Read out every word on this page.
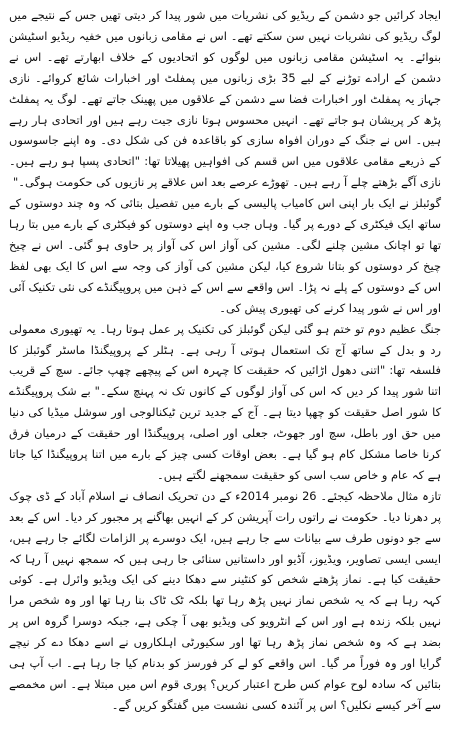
ایجاد کرائیں جو دشمن کے ریڈیو کی نشریات میں شور پیدا کر دیتی تھیں جس کے نتیجے میں لوگ ریڈیو کی نشریات نہیں سن سکتے تھے۔ اس نے مقامی زبانوں میں خفیہ ریڈیو اسٹیشن بنوائے۔ یہ اسٹیشن مقامی زبانوں میں لوگوں کو اتحادیوں کے خلاف ابھارتے تھے۔ اس نے دشمن کے ارادے توڑنے کے لیے 35 بڑی زبانوں میں پمفلٹ اور اخبارات شائع کروائے۔ نازی جہاز یہ پمفلٹ اور اخبارات فضا سے دشمن کے علاقوں میں پھینک جاتے تھے۔ لوگ یہ پمفلٹ پڑھ کر پریشان ہو جاتے تھے۔ انہیں محسوس ہوتا نازی جیت رہے ہیں اور اتحادی ہار رہے ہیں۔ اس نے جنگ کے دوران افواہ سازی کو باقاعدہ فن کی شکل دی۔ وہ اپنے جاسوسوں کے ذریعے مقامی علاقوں میں اس قسم کی افواہیں پھیلاتا تھا: "اتحادی پسپا ہو رہے ہیں۔ نازی آگے بڑھتے چلے آ رہے ہیں۔ تھوڑے عرصے بعد اس علاقے پر نازیوں کی حکومت ہوگی۔"

گوئبلز نے ایک بار اپنی اس کامیاب پالیسی کے بارے میں تفصیل بتائی کہ وہ چند دوستوں کے ساتھ ایک فیکٹری کے دورے پر گیا۔ وہاں جب وہ اپنے دوستوں کو فیکٹری کے بارے میں بتا رہا تھا تو اچانک مشین چلنے لگی۔ مشین کی آواز اس کی آواز پر حاوی ہو گئی۔ اس نے چیخ چیخ کر دوستوں کو بتانا شروع کیا، لیکن مشین کی آواز کی وجہ سے اس کا ایک بھی لفظ اس کے دوستوں کے پلے نہ پڑا۔ اس واقعے سے اس کے ذہن میں پروپیگنڈے کی نئی تکنیک آئی اور اس نے شور پیدا کرنے کی تھیوری پیش کی۔

جنگ عظیم دوم تو ختم ہو گئی لیکن گوئبلز کی تکنیک پر عمل ہوتا رہا۔ یہ تھیوری معمولی رد و بدل کے ساتھ آج تک استعمال ہوتی آ رہی ہے۔ ہٹلر کے پروپیگنڈا ماسٹر گوئبلز کا فلسفہ تھا: "اتنی دھول اڑائیں کہ حقیقت کا چہرہ اس کے پیچھے چھپ جائے۔ سچ کے قریب اتنا شور پیدا کر دیں کہ اس کی آواز لوگوں کے کانوں تک نہ پہنچ سکے۔" بے شک پروپیگنڈے کا شور اصل حقیقت کو چھپا دیتا ہے۔ آج کے جدید ترین ٹیکنالوجی اور سوشل میڈیا کی دنیا میں حق اور باطل، سچ اور جھوٹ، جعلی اور اصلی، پروپیگنڈا اور حقیقت کے درمیان فرق کرنا خاصا مشکل کام ہو گیا ہے۔ بعض اوقات کسی چیز کے بارے میں اتنا پروپیگنڈا کیا جاتا ہے کہ عام و خاص سب اسی کو حقیقت سمجھنے لگتے ہیں۔

تازہ مثال ملاحظہ کیجئے۔ 26 نومبر 2014ء کے دن تحریک انصاف نے اسلام آباد کے ڈی چوک پر دھرنا دیا۔ حکومت نے راتوں رات آپریشن کر کے انہیں بھاگنے پر مجبور کر دیا۔ اس کے بعد سے جو دونوں طرف سے بیانات سے جا رہے ہیں، ایک دوسرے پر الزامات لگائے جا رہے ہیں، ایسی ایسی تصاویر، ویڈیوز، آڈیو اور داستانیں سنائی جا رہی ہیں کہ سمجھ نہیں آ رہا کہ حقیقت کیا ہے۔ نماز پڑھتے شخص کو کنٹینر سے دھکا دینے کی ایک ویڈیو وائرل ہے۔ کوئی کہہ رہا ہے کہ یہ شخص نماز نہیں پڑھ رہا تھا بلکہ ٹک ٹاک بنا رہا تھا اور وہ شخص مرا نہیں بلکہ زندہ ہے اور اس کے انٹرویو کی ویڈیو بھی آ چکی ہے، جبکہ دوسرا گروہ اس پر بضد ہے کہ وہ شخص نماز پڑھ رہا تھا اور سکیورٹی اہلکاروں نے اسے دھکا دے کر نیچے گرایا اور وہ فوراً مر گیا۔ اس واقعے کو لے کر فورسز کو بدنام کیا جا رہا ہے۔ اب آپ ہی بتائیں کہ سادہ لوح عوام کس طرح اعتبار کریں؟ پوری قوم اس میں مبتلا ہے۔ اس مخمصے سے آخر کیسے نکلیں؟ اس پر آئندہ کسی نشست میں گفتگو کریں گے۔
